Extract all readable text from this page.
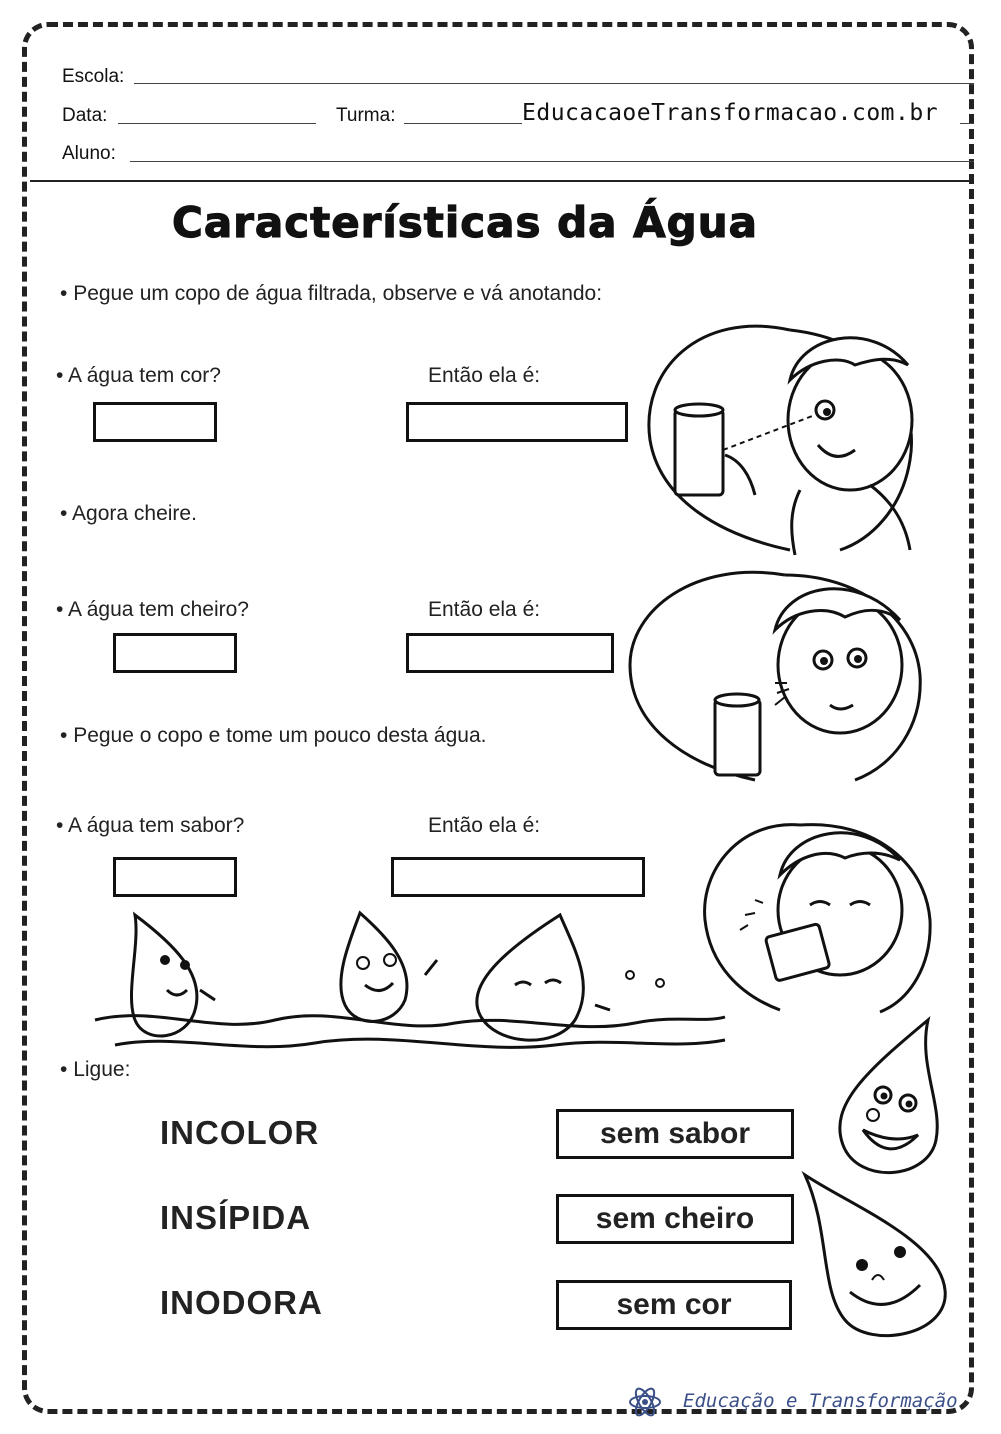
Escola:
Data:	Turma:	EducacaoeTransformacao.com.br
Aluno:
Características da Água
• Pegue um copo de água filtrada, observe e vá anotando:
• A água tem cor?	Então ela é:
• Agora cheire.
• A água tem cheiro?	Então ela é:
• Pegue o copo e tome um pouco desta água.
• A água tem sabor?	Então ela é:
• Ligue:
INCOLOR
INSÍPIDA
INODORA
sem sabor
sem cheiro
sem cor
Educação e Transformação
